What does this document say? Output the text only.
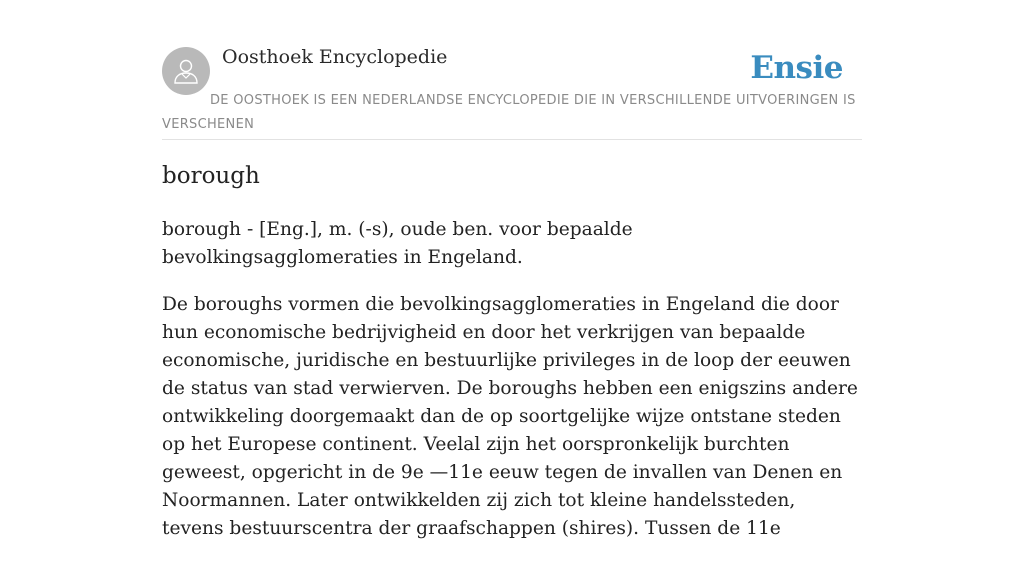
Oosthoek Encyclopedie	Ensie
DE OOSTHOEK IS EEN NEDERLANDSE ENCYCLOPEDIE DIE IN VERSCHILLENDE UITVOERINGEN IS VERSCHENEN
borough

borough - [Eng.], m. (-s), oude ben. voor bepaalde bevolkingsagglomeraties in Engeland.

De boroughs vormen die bevolkingsagglomeraties in Engeland die door hun economische bedrijvigheid en door het verkrijgen van bepaalde economische, juridische en bestuurlijke privileges in de loop der eeuwen de status van stad verwierven. De boroughs hebben een enigszins andere ontwikkeling doorgemaakt dan de op soortgelijke wijze ontstane steden op het Europese continent. Veelal zijn het oorspronkelijk burchten geweest, opgericht in de 9e —11e eeuw tegen de invallen van Denen en Noormannen. Later ontwikkelden zij zich tot kleine handelssteden, tevens bestuurscentra der graafschappen (shires). Tussen de 11e
